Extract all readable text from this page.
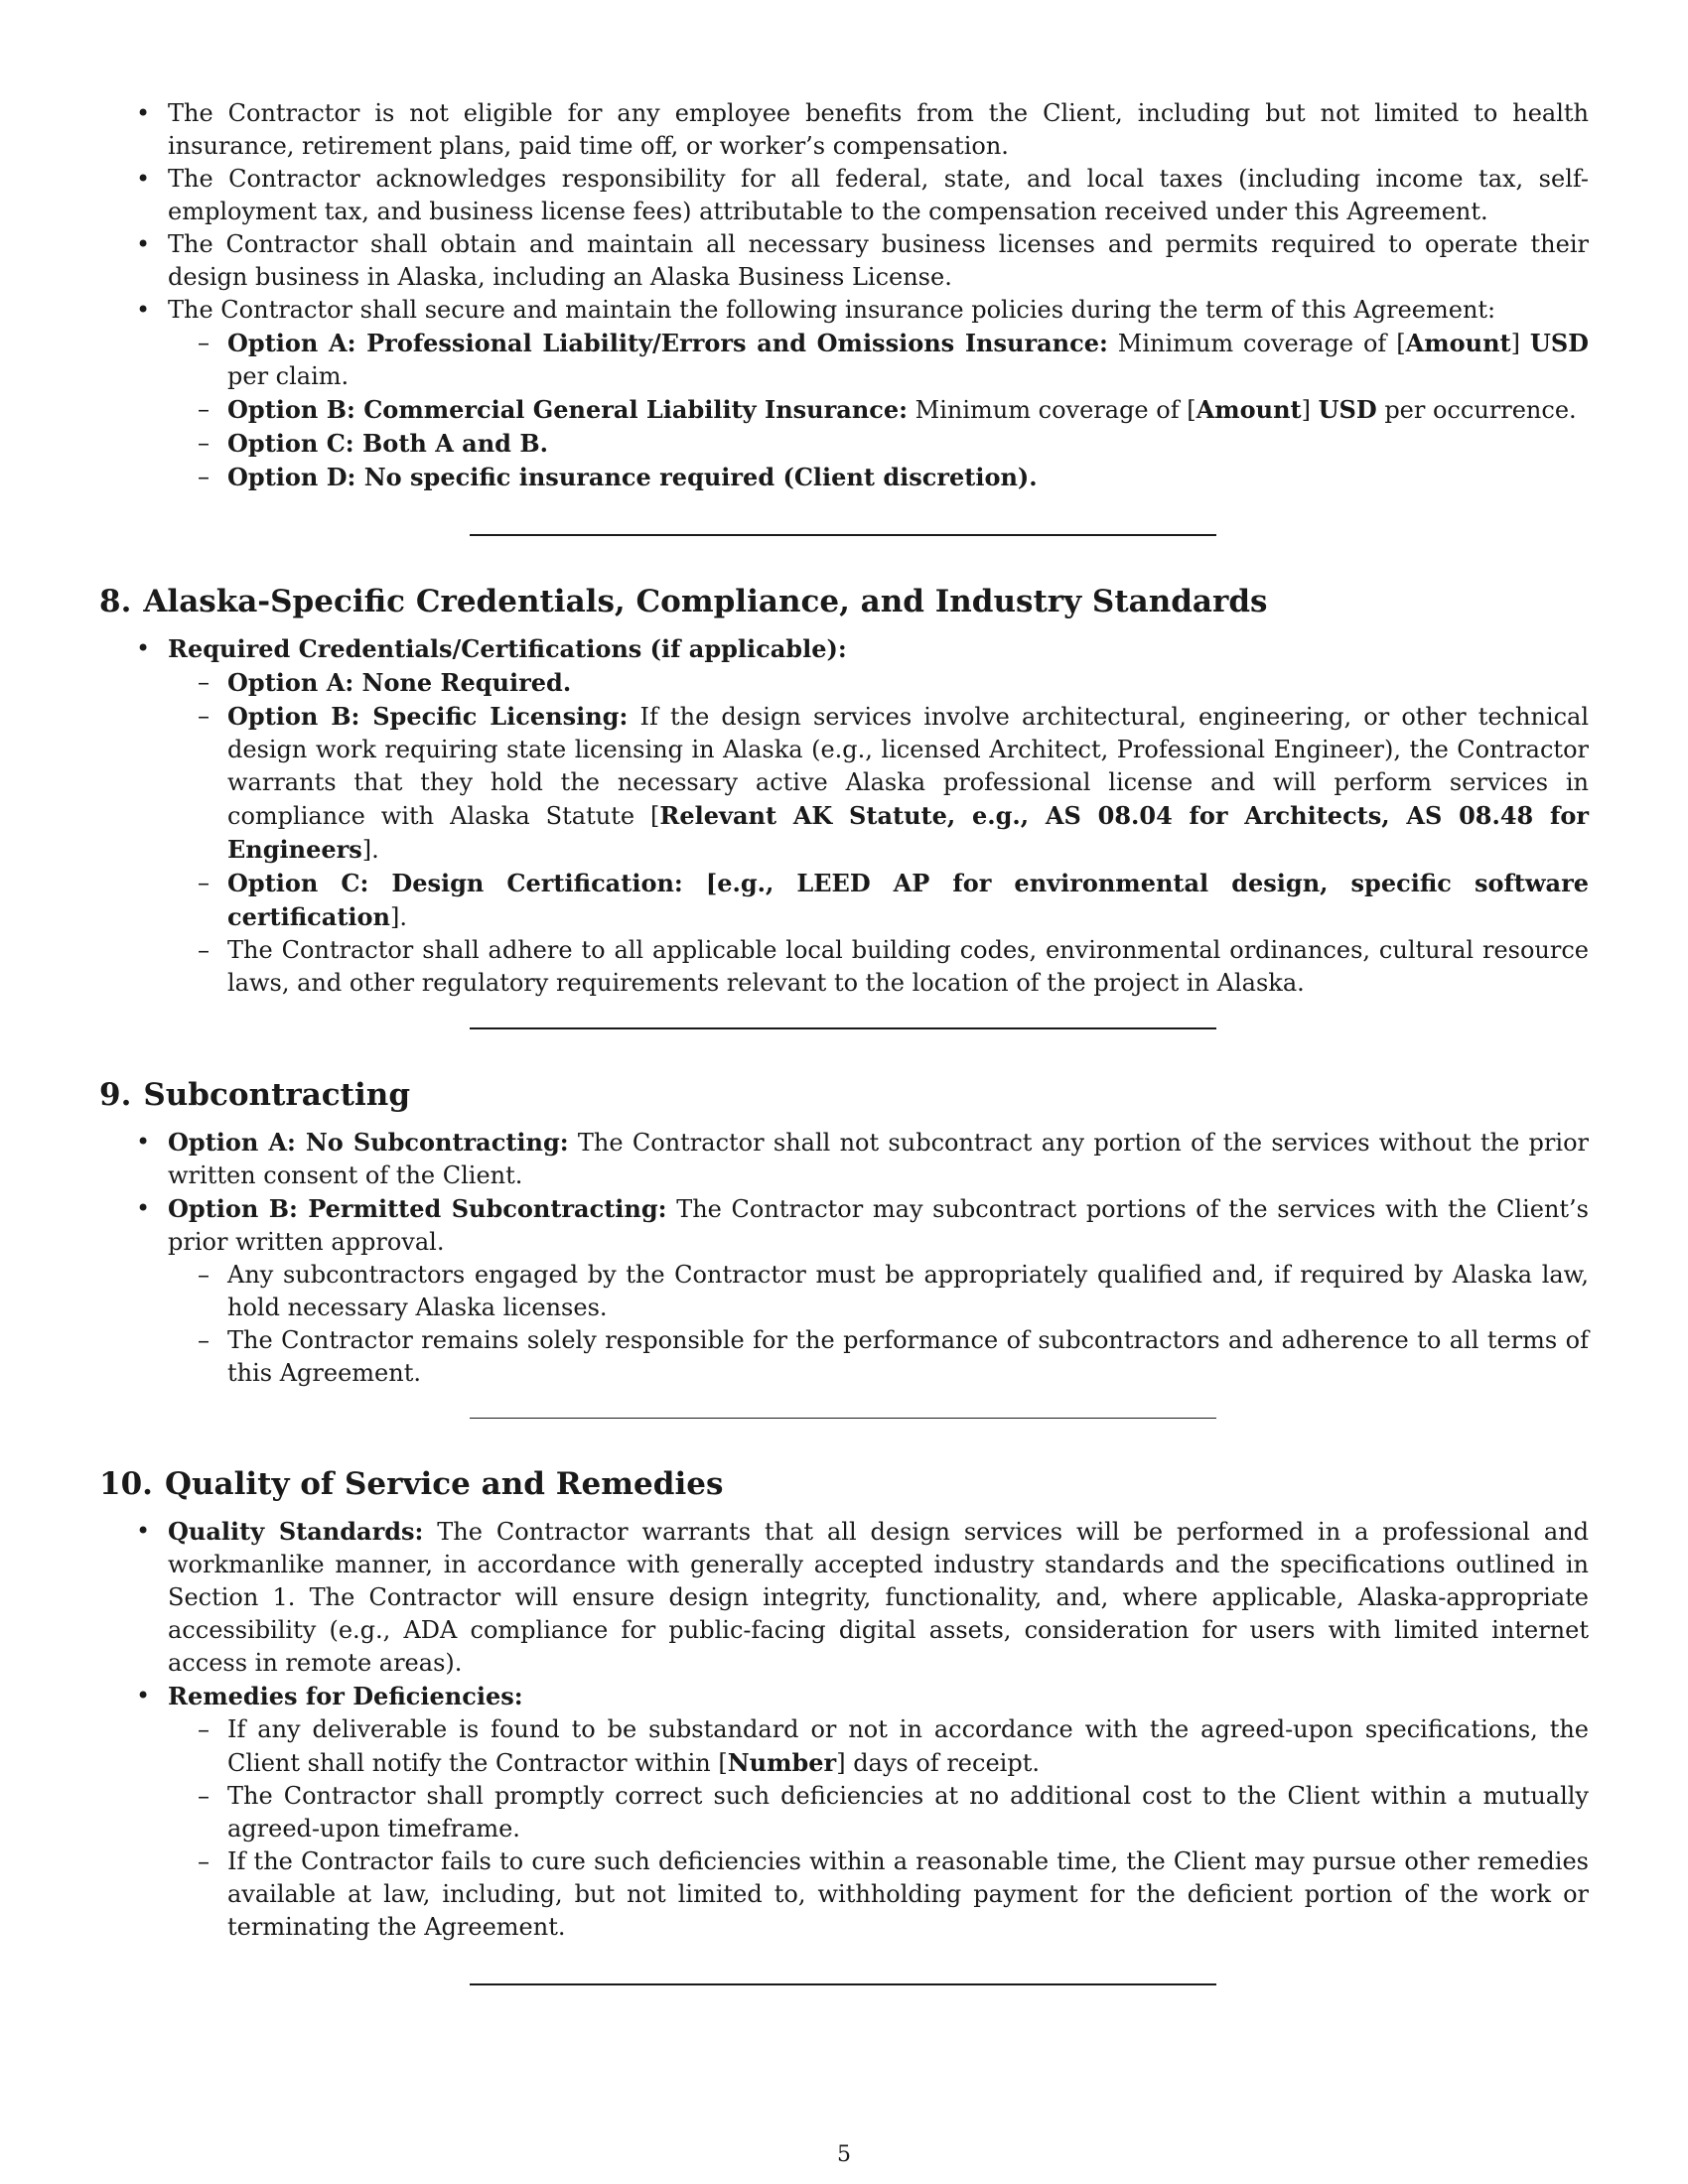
• The Contractor is not eligible for any employee benefits from the Client, including but not limited to health insurance, retirement plans, paid time off, or worker’s compensation.
• The Contractor acknowledges responsibility for all federal, state, and local taxes (including income tax, self-employment tax, and business license fees) attributable to the compensation received under this Agreement.
• The Contractor shall obtain and maintain all necessary business licenses and permits required to operate their design business in Alaska, including an Alaska Business License.
• The Contractor shall secure and maintain the following insurance policies during the term of this Agreement:
– Option A: Professional Liability/Errors and Omissions Insurance: Minimum coverage of [Amount] USD per claim.
– Option B: Commercial General Liability Insurance: Minimum coverage of [Amount] USD per occurrence.
– Option C: Both A and B.
– Option D: No specific insurance required (Client discretion).
8. Alaska-Specific Credentials, Compliance, and Industry Standards
• Required Credentials/Certifications (if applicable):
– Option A: None Required.
– Option B: Specific Licensing: If the design services involve architectural, engineering, or other technical design work requiring state licensing in Alaska (e.g., licensed Architect, Professional Engineer), the Contractor warrants that they hold the necessary active Alaska professional license and will perform services in compliance with Alaska Statute [Relevant AK Statute, e.g., AS 08.04 for Architects, AS 08.48 for Engineers].
– Option C: Design Certification: [e.g., LEED AP for environmental design, specific software certification].
– The Contractor shall adhere to all applicable local building codes, environmental ordinances, cultural resource laws, and other regulatory requirements relevant to the location of the project in Alaska.
9. Subcontracting
• Option A: No Subcontracting: The Contractor shall not subcontract any portion of the services without the prior written consent of the Client.
• Option B: Permitted Subcontracting: The Contractor may subcontract portions of the services with the Client’s prior written approval.
– Any subcontractors engaged by the Contractor must be appropriately qualified and, if required by Alaska law, hold necessary Alaska licenses.
– The Contractor remains solely responsible for the performance of subcontractors and adherence to all terms of this Agreement.
10. Quality of Service and Remedies
• Quality Standards: The Contractor warrants that all design services will be performed in a professional and workmanlike manner, in accordance with generally accepted industry standards and the specifications outlined in Section 1. The Contractor will ensure design integrity, functionality, and, where applicable, Alaska-appropriate accessibility (e.g., ADA compliance for public-facing digital assets, consideration for users with limited internet access in remote areas).
• Remedies for Deficiencies:
– If any deliverable is found to be substandard or not in accordance with the agreed-upon specifications, the Client shall notify the Contractor within [Number] days of receipt.
– The Contractor shall promptly correct such deficiencies at no additional cost to the Client within a mutually agreed-upon timeframe.
– If the Contractor fails to cure such deficiencies within a reasonable time, the Client may pursue other remedies available at law, including, but not limited to, withholding payment for the deficient portion of the work or terminating the Agreement.
5
